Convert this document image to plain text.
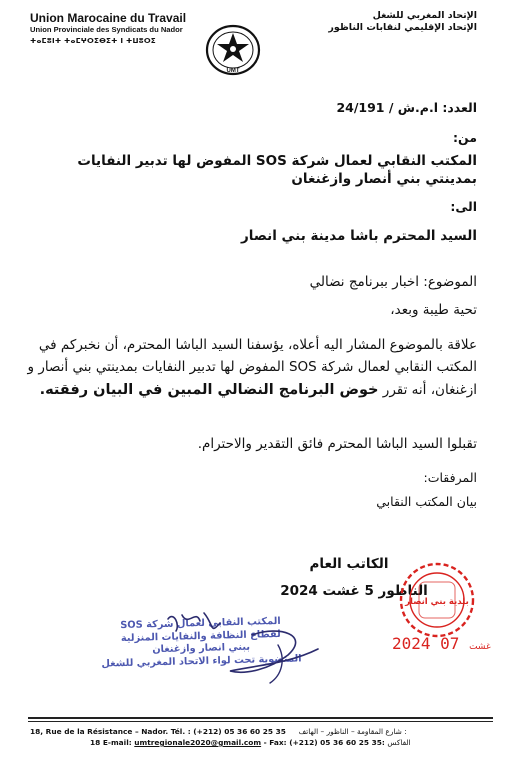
Union Marocaine du Travail
Union Provinciale des Syndicats du Nador
ⵜⴰⵎⵓⵏⵜ ⵜⴰⵎⵖⵔⵉⴱⵉⵜ ⵏ ⵜⵡⵓⵔⵉ
UMT
الإتحاد المغربي للشغل
الإتحاد الإقليمي لنقابات الناظور
العدد: ا.م.ش / 24/191
من:
المكتب النقابي لعمال شركة SOS المفوض لها تدبير النفايات بمدينتي بني أنصار وازغنغان
الى:
السيد المحترم باشا مدينة بني انصار
الموضوع: اخبار ببرنامج نضالي
تحية طيبة وبعد،
علاقة بالموضوع المشار اليه أعلاه، يؤسفنا السيد الباشا المحترم، أن نخبركم في المكتب النقابي لعمال شركة SOS المفوض لها تدبير النفايات بمدينتي بني أنصار و ازغنغان، أنه تقرر خوض البرنامج النضالي المبين في البيان رفقته.
تقبلوا السيد الباشا المحترم فائق التقدير والاحترام.
المرفقات:
بيان المكتب النقابي
الكاتب العام
الناظور 5 غشت 2024
بلدية بني انصار
2024	غشت 07
المكتب النقابي لعمال شركة SOS
لقطاع النظافة والنفايات المنزلية
ببني انصار وازغنغان
المنضوية تحت لواء الاتحاد المغربي للشغل
18, Rue de la Résistance – Nador. Tél. : (+212) 05 36 60 25 35 شارع المقاومة – الناظور – الهاتف :
18 E-mail: umtregionale2020@gmail.com - Fax: (+212) 05 36 60 25 35: الفاكس
